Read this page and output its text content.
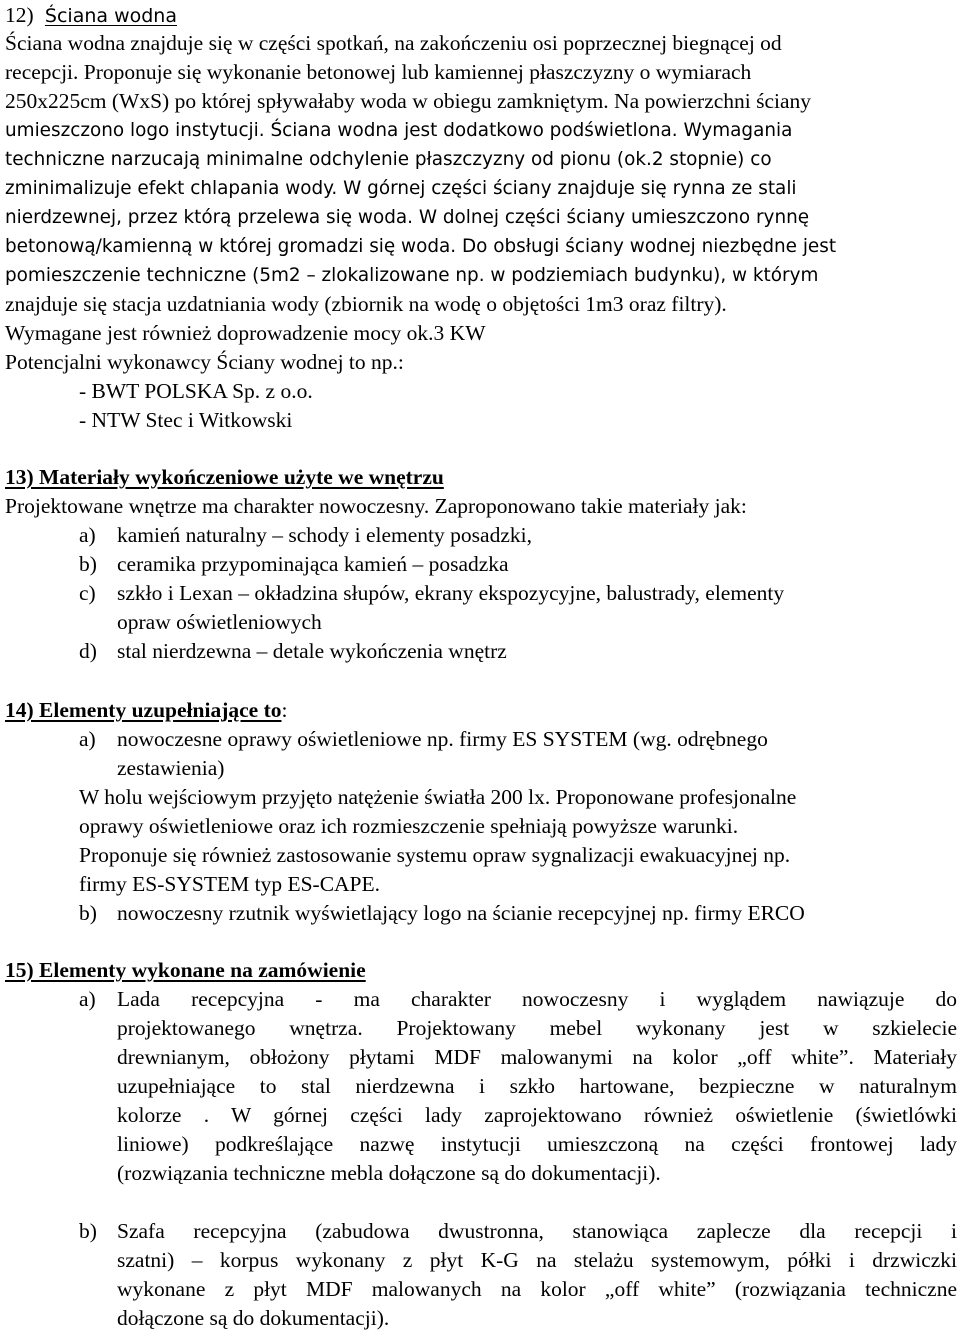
12) Ściana wodna
Ściana wodna znajduje się w części spotkań, na zakończeniu osi poprzecznej biegnącej od
recepcji. Proponuje się wykonanie betonowej lub kamiennej płaszczyzny o wymiarach
250x225cm (WxS) po której spływałaby woda w obiegu zamkniętym. Na powierzchni ściany
umieszczono logo instytucji. Ściana wodna jest dodatkowo podświetlona. Wymagania
techniczne narzucają minimalne odchylenie płaszczyzny od pionu (ok.2 stopnie) co
zminimalizuje efekt chlapania wody. W górnej części ściany znajduje się rynna ze stali
nierdzewnej, przez którą przelewa się woda. W dolnej części ściany umieszczono rynnę
betonową/kamienną w której gromadzi się woda. Do obsługi ściany wodnej niezbędne jest
pomieszczenie techniczne (5m2 – zlokalizowane np. w podziemiach budynku), w którym
znajduje się stacja uzdatniania wody (zbiornik na wodę o objętości 1m3 oraz filtry).
Wymagane jest również doprowadzenie mocy ok.3 KW
Potencjalni wykonawcy Ściany wodnej to np.:
- BWT POLSKA Sp. z o.o.
- NTW Stec i Witkowski
13) Materiały wykończeniowe użyte we wnętrzu
Projektowane wnętrze ma charakter nowoczesny. Zaproponowano takie materiały jak:
a) kamień naturalny – schody i elementy posadzki,
b) ceramika przypominająca kamień – posadzka
c) szkło i Lexan – okładzina słupów, ekrany ekspozycyjne, balustrady, elementy
opraw oświetleniowych
d) stal nierdzewna – detale wykończenia wnętrz
14) Elementy uzupełniające to:
a) nowoczesne oprawy oświetleniowe np. firmy ES SYSTEM (wg. odrębnego
zestawienia)
W holu wejściowym przyjęto natężenie światła 200 lx. Proponowane profesjonalne
oprawy oświetleniowe oraz ich rozmieszczenie spełniają powyższe warunki.
Proponuje się również zastosowanie systemu opraw sygnalizacji ewakuacyjnej np.
firmy ES-SYSTEM typ ES-CAPE.
b) nowoczesny rzutnik wyświetlający logo na ścianie recepcyjnej np. firmy ERCO
15) Elementy wykonane na zamówienie
a) Lada recepcyjna - ma charakter nowoczesny i wyglądem nawiązuje do
projektowanego wnętrza. Projektowany mebel wykonany jest w szkielecie
drewnianym, obłożony płytami MDF malowanymi na kolor „off white”. Materiały
uzupełniające to stal nierdzewna i szkło hartowane, bezpieczne w naturalnym
kolorze . W górnej części lady zaprojektowano również oświetlenie (świetlówki
liniowe) podkreślające nazwę instytucji umieszczoną na części frontowej lady
(rozwiązania techniczne mebla dołączone są do dokumentacji).
b) Szafa recepcyjna (zabudowa dwustronna, stanowiąca zaplecze dla recepcji i
szatni) – korpus wykonany z płyt K-G na stelażu systemowym, półki i drzwiczki
wykonane z płyt MDF malowanych na kolor „off white” (rozwiązania techniczne
dołączone są do dokumentacji).
